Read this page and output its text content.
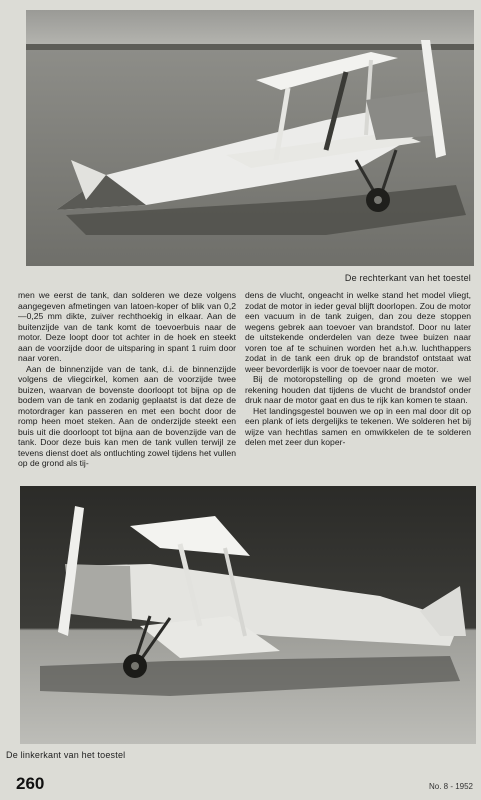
De rechterkant van het toestel

men we eerst de tank, dan solderen we deze volgens aangegeven afmetingen van latoen-koper of blik van 0,2—0,25 mm dikte, zuiver rechthoekig in elkaar. Aan de buitenzijde van de tank komt de toevoerbuis naar de motor. Deze loopt door tot achter in de hoek en steekt aan de voorzijde door de uitsparing in spant 1 ruim door naar voren.

Aan de binnenzijde van de tank, d.i. de binnenzijde volgens de vliegcirkel, komen aan de voorzijde twee buizen, waarvan de bovenste doorloopt tot bijna op de bodem van de tank en zodanig geplaatst is dat deze de motordrager kan passeren en met een bocht door de romp heen moet steken. Aan de onderzijde steekt een buis uit die doorloopt tot bijna aan de bovenzijde van de tank. Door deze buis kan men de tank vullen terwijl ze tevens dienst doet als ontluchting zowel tijdens het vullen op de grond als tij-

dens de vlucht, ongeacht in welke stand het model vliegt, zodat de motor in ieder geval blijft doorlopen. Zou de motor een vacuum in de tank zuigen, dan zou deze stoppen wegens gebrek aan toevoer van brandstof. Door nu later de uitstekende onderdelen van deze twee buizen naar voren toe af te schuinen worden het a.h.w. luchthappers zodat in de tank een druk op de brandstof ontstaat wat weer bevorderlijk is voor de toevoer naar de motor.

Bij de motoropstelling op de grond moeten we wel rekening houden dat tijdens de vlucht de brandstof onder druk naar de motor gaat en dus te rijk kan komen te staan.

Het landingsgestel bouwen we op in een mal door dit op een plank of iets dergelijks te tekenen. We solderen het bij wijze van hechtlas samen en omwikkelen de te solderen delen met zeer dun koper-

De linkerkant van het toestel
260	No. 8 - 1952
